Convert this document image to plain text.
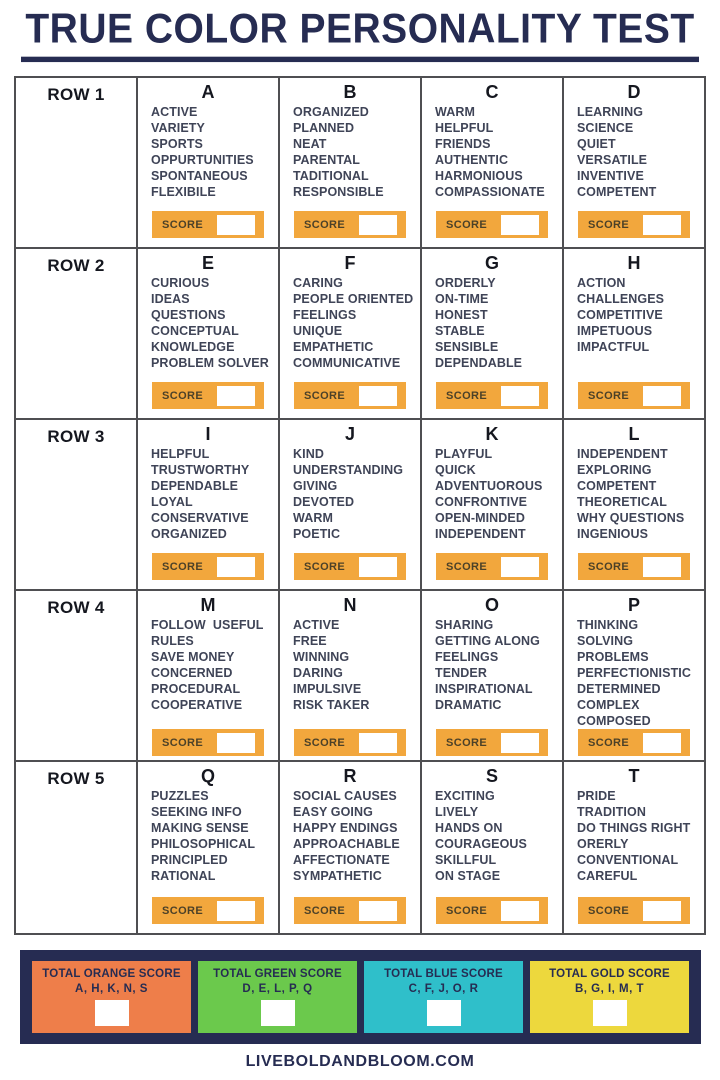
TRUE COLOR PERSONALITY TEST
ROW 1	A
ACTIVE
VARIETY
SPORTS
OPPURTUNITIES
SPONTANEOUS
FLEXIBILE
SCORE
B
ORGANIZED
PLANNED
NEAT
PARENTAL
TADITIONAL
RESPONSIBLE
SCORE
C
WARM
HELPFUL
FRIENDS
AUTHENTIC
HARMONIOUS
COMPASSIONATE
SCORE
D
LEARNING
SCIENCE
QUIET
VERSATILE
INVENTIVE
COMPETENT
SCORE
ROW 2	E
CURIOUS
IDEAS
QUESTIONS
CONCEPTUAL
KNOWLEDGE
PROBLEM SOLVER
SCORE
F
CARING
PEOPLE ORIENTED
FEELINGS
UNIQUE
EMPATHETIC
COMMUNICATIVE
SCORE
G
ORDERLY
ON-TIME
HONEST
STABLE
SENSIBLE
DEPENDABLE
SCORE
H
ACTION
CHALLENGES
COMPETITIVE
IMPETUOUS
IMPACTFUL
SCORE
ROW 3	I
HELPFUL
TRUSTWORTHY
DEPENDABLE
LOYAL
CONSERVATIVE
ORGANIZED
SCORE
J
KIND
UNDERSTANDING
GIVING
DEVOTED
WARM
POETIC
SCORE
K
PLAYFUL
QUICK
ADVENTUOROUS
CONFRONTIVE
OPEN-MINDED
INDEPENDENT
SCORE
L
INDEPENDENT
EXPLORING
COMPETENT
THEORETICAL
WHY QUESTIONS
INGENIOUS
SCORE
ROW 4	M
FOLLOW  USEFUL
RULES
SAVE MONEY
CONCERNED
PROCEDURAL
COOPERATIVE
SCORE
N
ACTIVE
FREE
WINNING
DARING
IMPULSIVE
RISK TAKER
SCORE
O
SHARING
GETTING ALONG
FEELINGS
TENDER
INSPIRATIONAL
DRAMATIC
SCORE
P
THINKING
SOLVING
PROBLEMS
PERFECTIONISTIC
DETERMINED
COMPLEX
COMPOSED
SCORE
ROW 5	Q
PUZZLES
SEEKING INFO
MAKING SENSE
PHILOSOPHICAL
PRINCIPLED
RATIONAL
SCORE
R
SOCIAL CAUSES
EASY GOING
HAPPY ENDINGS
APPROACHABLE
AFFECTIONATE
SYMPATHETIC
SCORE
S
EXCITING
LIVELY
HANDS ON
COURAGEOUS
SKILLFUL
ON STAGE
SCORE
T
PRIDE
TRADITION
DO THINGS RIGHT
ORERLY
CONVENTIONAL
CAREFUL
SCORE
TOTAL ORANGE SCORE
A, H, K, N, S
TOTAL GREEN SCORE
D, E, L, P, Q
TOTAL BLUE SCORE
C, F, J, O, R
TOTAL GOLD SCORE
B, G, I, M, T
LIVEBOLDANDBLOOM.COM
